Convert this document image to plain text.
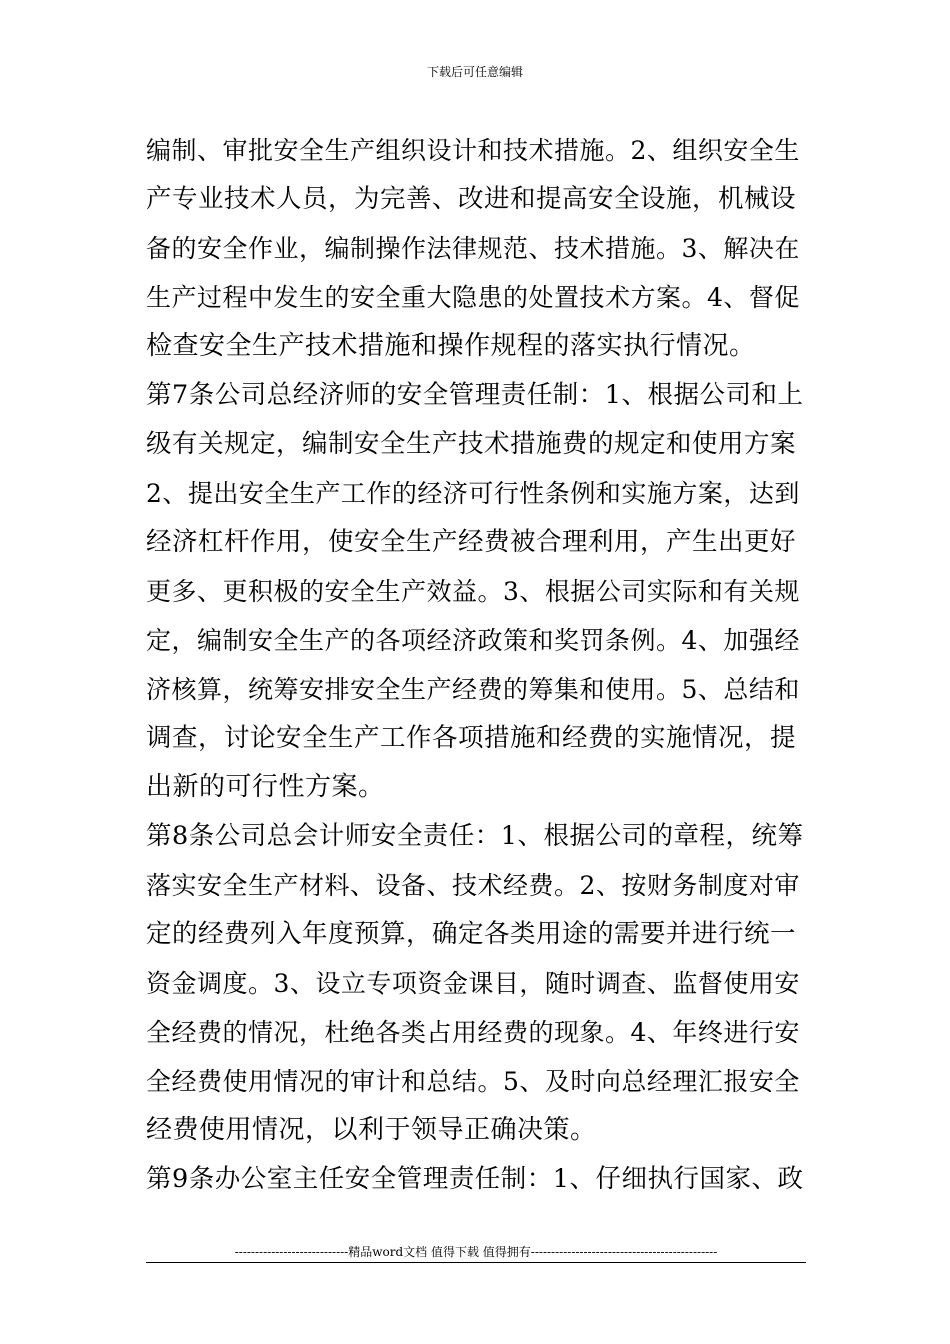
下载后可任意编辑
编制、审批安全生产组织设计和技术措施。2、组织安全生
产专业技术人员，为完善、改进和提高安全设施，机械设
备的安全作业，编制操作法律规范、技术措施。3、解决在
生产过程中发生的安全重大隐患的处置技术方案。4、督促
检查安全生产技术措施和操作规程的落实执行情况。
第7条公司总经济师的安全管理责任制：1、根据公司和上
级有关规定，编制安全生产技术措施费的规定和使用方案
2、提出安全生产工作的经济可行性条例和实施方案，达到
经济杠杆作用，使安全生产经费被合理利用，产生出更好
更多、更积极的安全生产效益。3、根据公司实际和有关规
定，编制安全生产的各项经济政策和奖罚条例。4、加强经
济核算，统筹安排安全生产经费的筹集和使用。5、总结和
调查，讨论安全生产工作各项措施和经费的实施情况，提
出新的可行性方案。
第8条公司总会计师安全责任：1、根据公司的章程，统筹
落实安全生产材料、设备、技术经费。2、按财务制度对审
定的经费列入年度预算，确定各类用途的需要并进行统一
资金调度。3、设立专项资金课目，随时调查、监督使用安
全经费的情况，杜绝各类占用经费的现象。4、年终进行安
全经费使用情况的审计和总结。5、及时向总经理汇报安全
经费使用情况，以利于领导正确决策。
第9条办公室主任安全管理责任制：1、仔细执行国家、政
----------------------------精品word文档 值得下载 值得拥有----------------------------------------------
